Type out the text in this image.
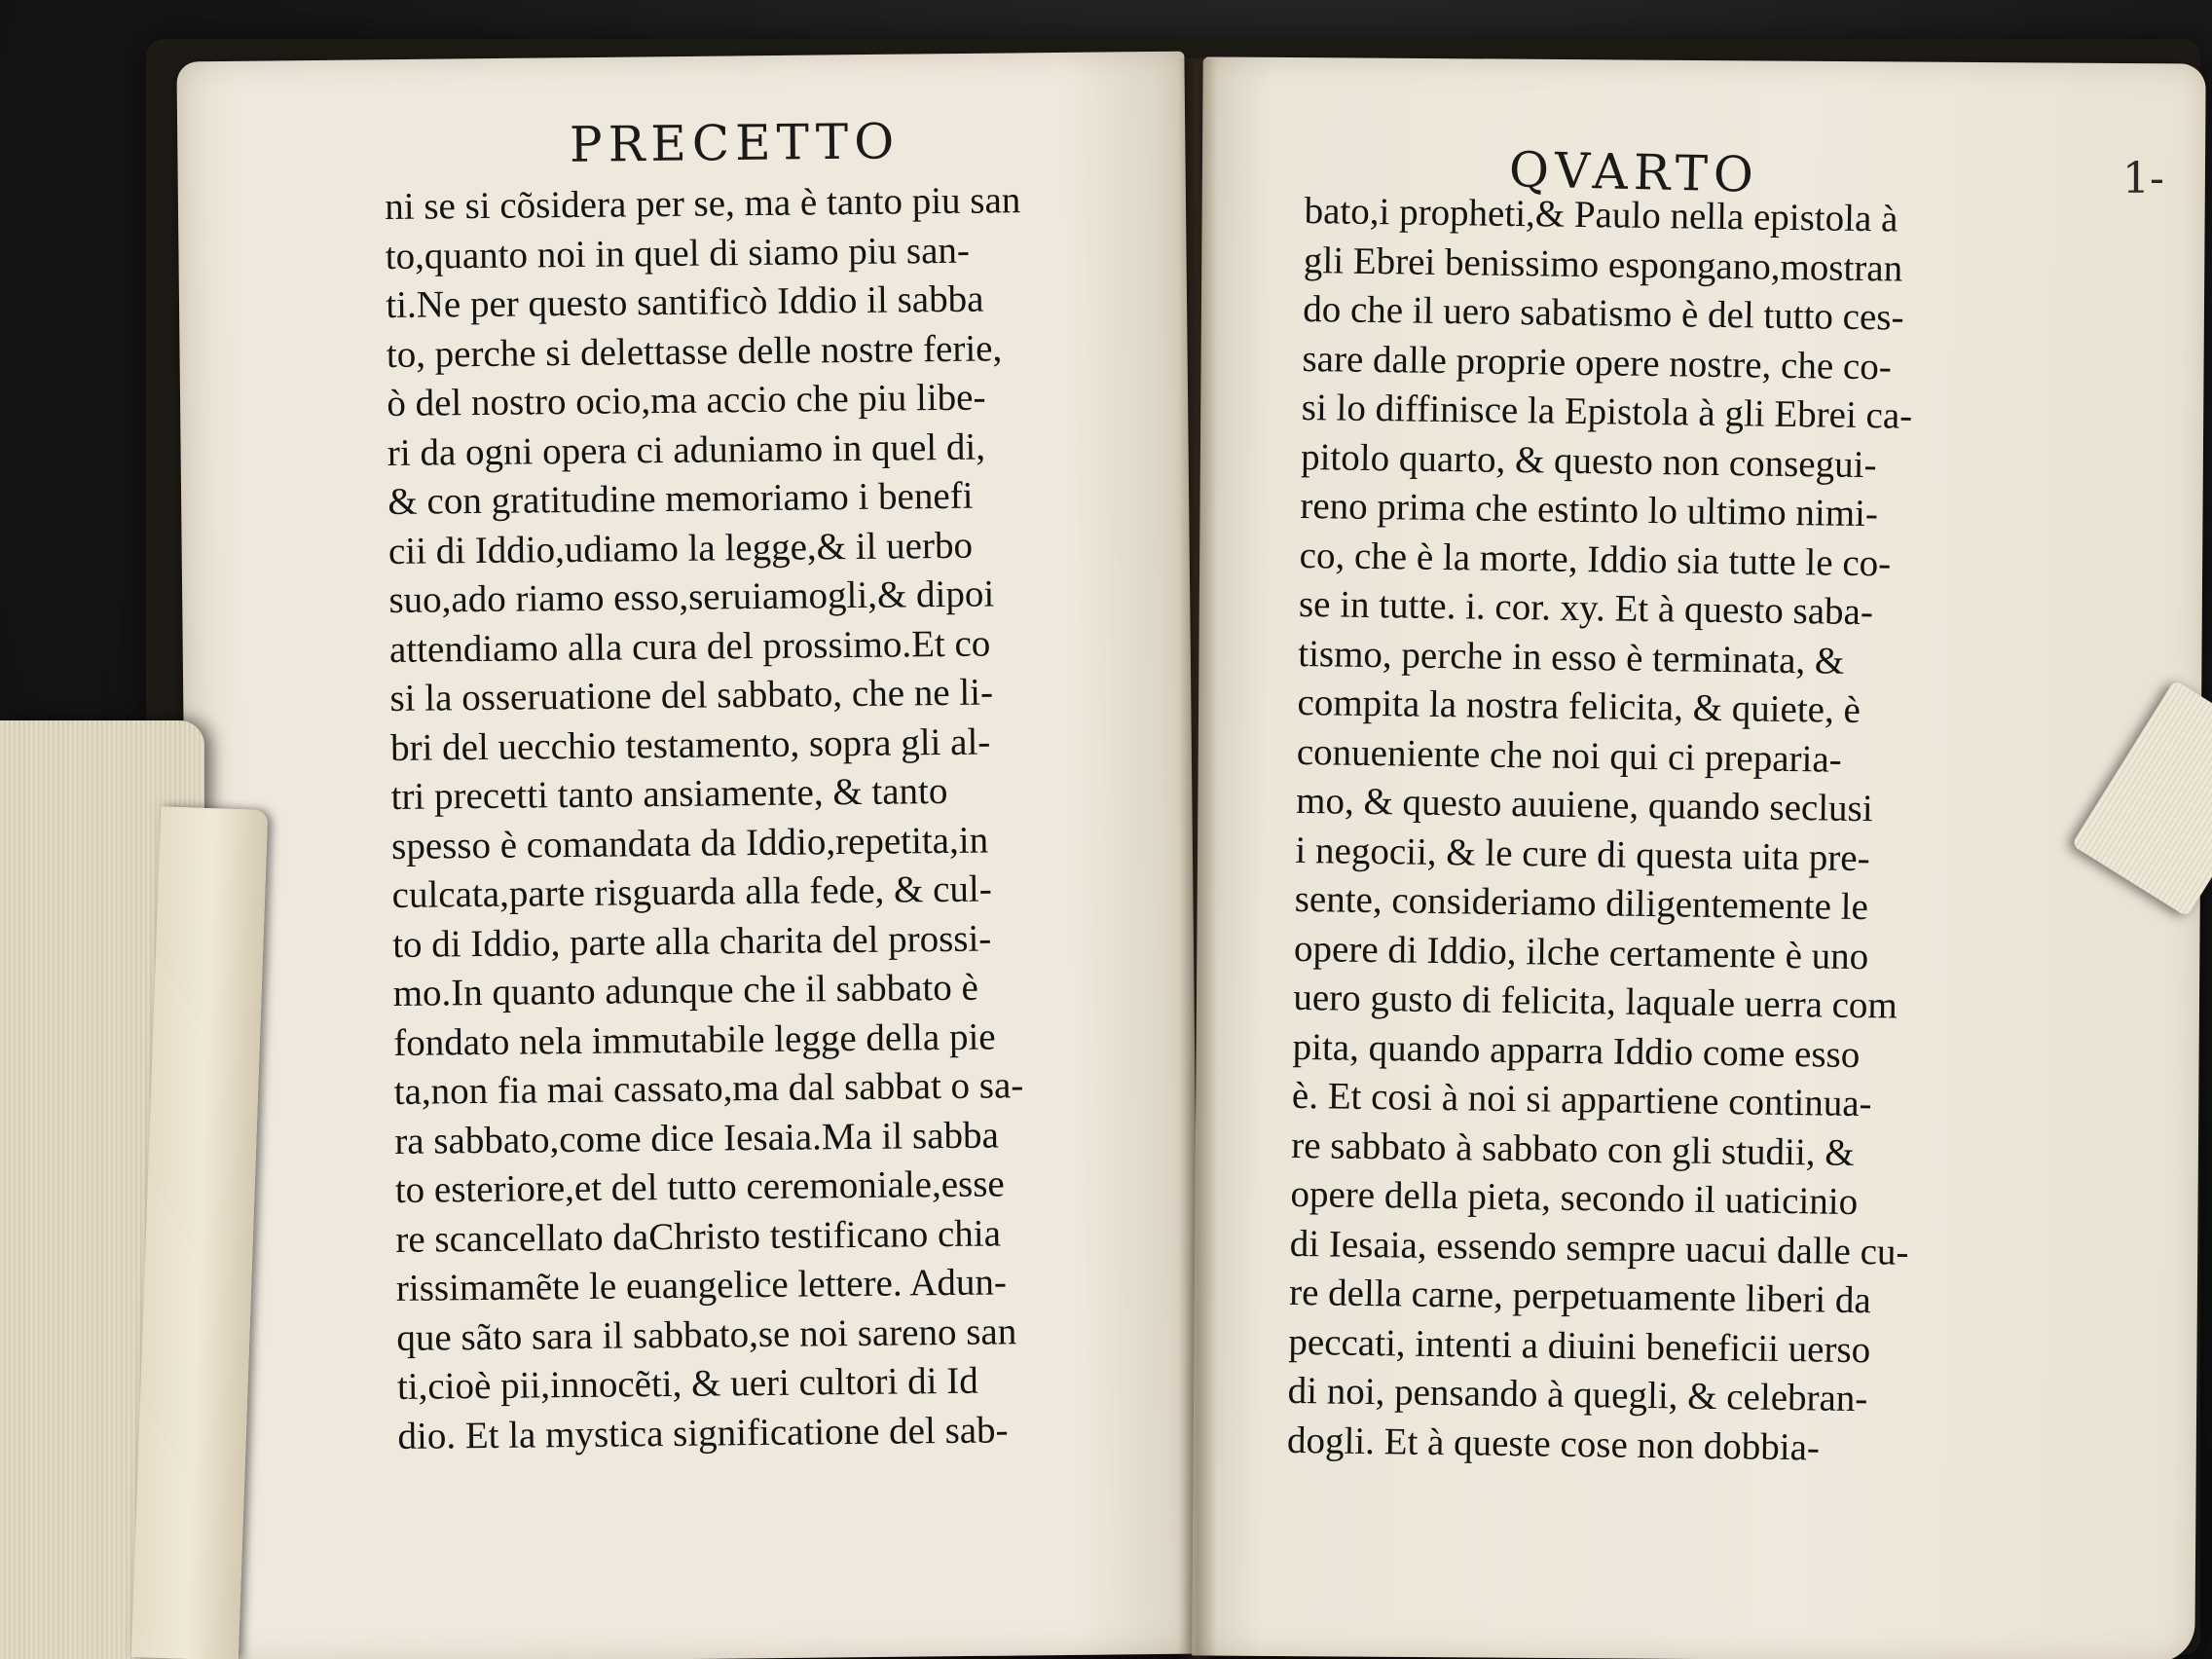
PRECETTO	QVARTO	1-
ni se si cõsidera per se, ma è tanto piu san
to,quanto noi in quel di siamo piu san-
ti.Ne per questo santificò Iddio il sabba
to, perche si delettasse delle nostre ferie,
ò del nostro ocio,ma accio che piu libe-
ri da ogni opera ci aduniamo in quel di,
& con gratitudine memoriamo i benefi
cii di Iddio,udiamo la legge,& il uerbo
suo,ado riamo esso,seruiamogli,& dipoi
attendiamo alla cura del prossimo.Et co
si la osseruatione del sabbato, che ne li-
bri del uecchio testamento, sopra gli al-
tri precetti tanto ansiamente, & tanto
spesso è comandata da Iddio,repetita,in
culcata,parte risguarda alla fede, & cul-
to di Iddio, parte alla charita del prossi-
mo.In quanto adunque che il sabbato è
fondato nela immutabile legge della pie
ta,non fia mai cassato,ma dal sabbat o sa-
ra sabbato,come dice Iesaia.Ma il sabba
to esteriore,et del tutto ceremoniale,esse
re scancellato daChristo testificano chia
rissimamẽte le euangelice lettere. Adun-
que sãto sara il sabbato,se noi sareno san
ti,cioè pii,innocẽti, & ueri cultori di Id
dio. Et la mystica significatione del sab-
bato,i propheti,& Paulo nella epistola à
gli Ebrei benissimo espongano,mostran
do che il uero sabatismo è del tutto ces-
sare dalle proprie opere nostre, che co-
si lo diffinisce la Epistola à gli Ebrei ca-
pitolo quarto, & questo non consegui-
reno prima che estinto lo ultimo nimi-
co, che è la morte, Iddio sia tutte le co-
se in tutte. i. cor. xy. Et à questo saba-
tismo, perche in esso è terminata, &
compita la nostra felicita, & quiete, è
conueniente che noi qui ci preparia-
mo, & questo auuiene, quando seclusi
i negocii, & le cure di questa uita pre-
sente, consideriamo diligentemente le
opere di Iddio, ilche certamente è uno
uero gusto di felicita, laquale uerra com
pita, quando apparra Iddio come esso
è. Et cosi à noi si appartiene continua-
re sabbato à sabbato con gli studii, &
opere della pieta, secondo il uaticinio
di Iesaia, essendo sempre uacui dalle cu-
re della carne, perpetuamente liberi da
peccati, intenti a diuini beneficii uerso
di noi, pensando à quegli, & celebran-
dogli. Et à queste cose non dobbia-
